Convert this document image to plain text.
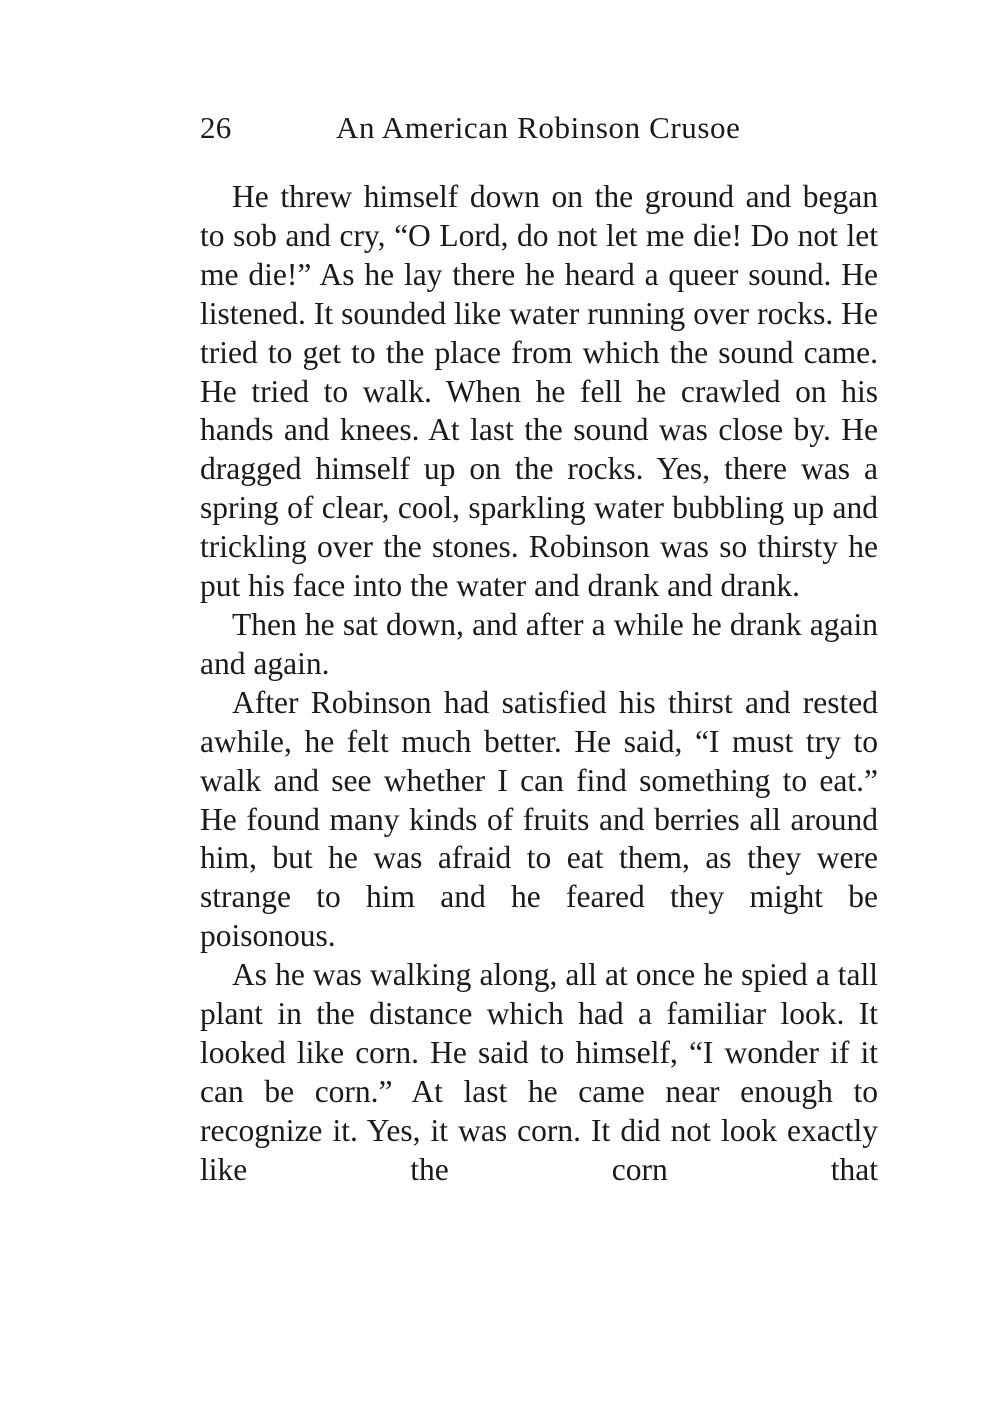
26	An American Robinson Crusoe

He threw himself down on the ground and began to sob and cry, “O Lord, do not let me die! Do not let me die!” As he lay there he heard a queer sound. He listened. It sounded like water running over rocks. He tried to get to the place from which the sound came. He tried to walk. When he fell he crawled on his hands and knees. At last the sound was close by. He dragged himself up on the rocks. Yes, there was a spring of clear, cool, sparkling water bubbling up and trickling over the stones. Robinson was so thirsty he put his face into the water and drank and drank.

Then he sat down, and after a while he drank again and again.

After Robinson had satisfied his thirst and rested awhile, he felt much better. He said, “I must try to walk and see whether I can find something to eat.” He found many kinds of fruits and berries all around him, but he was afraid to eat them, as they were strange to him and he feared they might be poisonous.

As he was walking along, all at once he spied a tall plant in the distance which had a familiar look. It looked like corn. He said to himself, “I wonder if it can be corn.” At last he came near enough to recognize it. Yes, it was corn. It did not look exactly like the corn that
